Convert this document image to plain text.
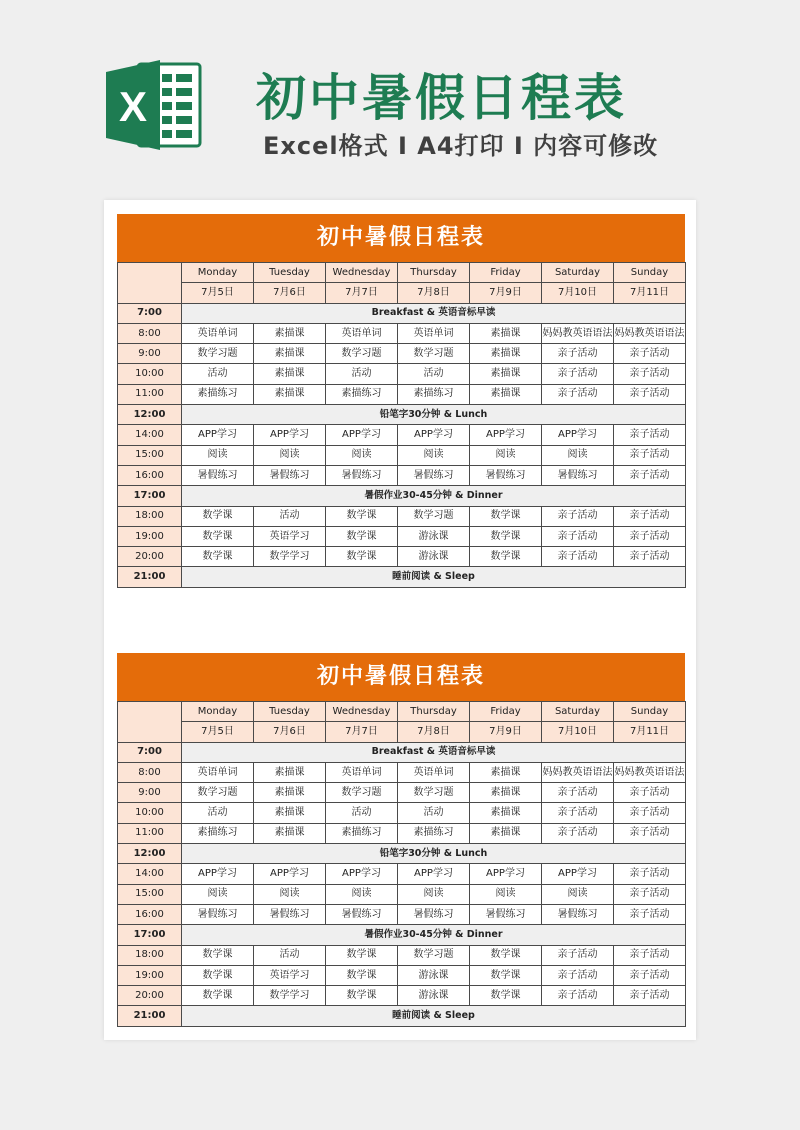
X 初中暑假日程表
Excel格式 I A4打印 I 内容可修改
初中暑假日程表
	Monday	Tuesday	Wednesday	Thursday	Friday	Saturday	Sunday
	7月5日	7月6日	7月7日	7月8日	7月9日	7月10日	7月11日
7:00	Breakfast & 英语音标早读						
8:00	英语单词	素描课	英语单词	英语单词	素描课	妈妈教英语语法	妈妈教英语语法
9:00	数学习题	素描课	数学习题	数学习题	素描课	亲子活动	亲子活动
10:00	活动	素描课	活动	活动	素描课	亲子活动	亲子活动
11:00	素描练习	素描课	素描练习	素描练习	素描课	亲子活动	亲子活动
12:00	铅笔字30分钟 & Lunch						
14:00	APP学习	APP学习	APP学习	APP学习	APP学习	APP学习	亲子活动
15:00	阅读	阅读	阅读	阅读	阅读	阅读	亲子活动
16:00	暑假练习	暑假练习	暑假练习	暑假练习	暑假练习	暑假练习	亲子活动
17:00	暑假作业30-45分钟 & Dinner						
18:00	数学课	活动	数学课	数学习题	数学课	亲子活动	亲子活动
19:00	数学课	英语学习	数学课	游泳课	数学课	亲子活动	亲子活动
20:00	数学课	数学学习	数学课	游泳课	数学课	亲子活动	亲子活动
21:00	睡前阅读 & Sleep						
初中暑假日程表
	Monday	Tuesday	Wednesday	Thursday	Friday	Saturday	Sunday
	7月5日	7月6日	7月7日	7月8日	7月9日	7月10日	7月11日
7:00	Breakfast & 英语音标早读						
8:00	英语单词	素描课	英语单词	英语单词	素描课	妈妈教英语语法	妈妈教英语语法
9:00	数学习题	素描课	数学习题	数学习题	素描课	亲子活动	亲子活动
10:00	活动	素描课	活动	活动	素描课	亲子活动	亲子活动
11:00	素描练习	素描课	素描练习	素描练习	素描课	亲子活动	亲子活动
12:00	铅笔字30分钟 & Lunch						
14:00	APP学习	APP学习	APP学习	APP学习	APP学习	APP学习	亲子活动
15:00	阅读	阅读	阅读	阅读	阅读	阅读	亲子活动
16:00	暑假练习	暑假练习	暑假练习	暑假练习	暑假练习	暑假练习	亲子活动
17:00	暑假作业30-45分钟 & Dinner						
18:00	数学课	活动	数学课	数学习题	数学课	亲子活动	亲子活动
19:00	数学课	英语学习	数学课	游泳课	数学课	亲子活动	亲子活动
20:00	数学课	数学学习	数学课	游泳课	数学课	亲子活动	亲子活动
21:00	睡前阅读 & Sleep						
